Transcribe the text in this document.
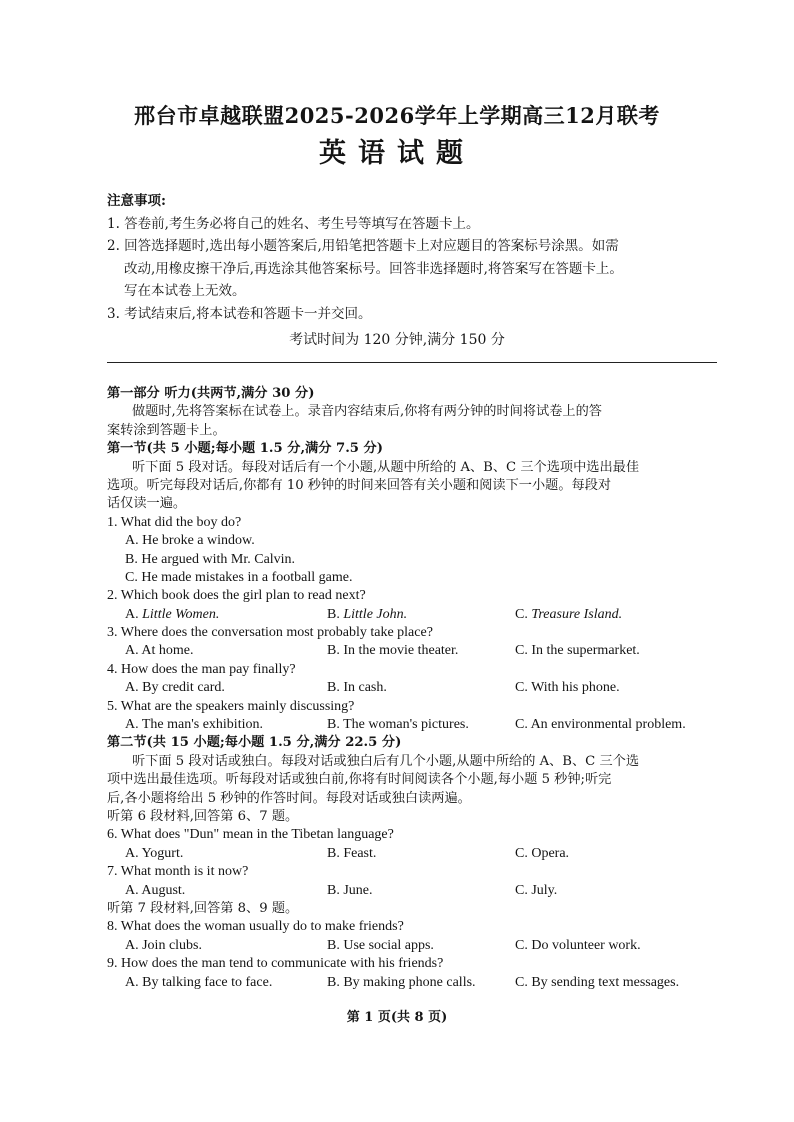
邢台市卓越联盟2025-2026学年上学期高三12月联考
英语试题
注意事项:
1. 答卷前,考生务必将自己的姓名、考生号等填写在答题卡上。
2. 回答选择题时,选出每小题答案后,用铅笔把答题卡上对应题目的答案标号涂黑。如需
改动,用橡皮擦干净后,再选涂其他答案标号。回答非选择题时,将答案写在答题卡上。
写在本试卷上无效。
3. 考试结束后,将本试卷和答题卡一并交回。
考试时间为 120 分钟,满分 150 分
第一部分 听力(共两节,满分 30 分)
做题时,先将答案标在试卷上。录音内容结束后,你将有两分钟的时间将试卷上的答
案转涂到答题卡上。
第一节(共 5 小题;每小题 1.5 分,满分 7.5 分)
听下面 5 段对话。每段对话后有一个小题,从题中所给的 A、B、C 三个选项中选出最佳
选项。听完每段对话后,你都有 10 秒钟的时间来回答有关小题和阅读下一小题。每段对
话仅读一遍。
1. What did the boy do?
A. He broke a window.
B. He argued with Mr. Calvin.
C. He made mistakes in a football game.
2. Which book does the girl plan to read next?
A. Little Women.	B. Little John.	C. Treasure Island.
3. Where does the conversation most probably take place?
A. At home.	B. In the movie theater.	C. In the supermarket.
4. How does the man pay finally?
A. By credit card.	B. In cash.	C. With his phone.
5. What are the speakers mainly discussing?
A. The man's exhibition.	B. The woman's pictures.	C. An environmental problem.
第二节(共 15 小题;每小题 1.5 分,满分 22.5 分)
听下面 5 段对话或独白。每段对话或独白后有几个小题,从题中所给的 A、B、C 三个选
项中选出最佳选项。听每段对话或独白前,你将有时间阅读各个小题,每小题 5 秒钟;听完
后,各小题将给出 5 秒钟的作答时间。每段对话或独白读两遍。
听第 6 段材料,回答第 6、7 题。
6. What does "Dun" mean in the Tibetan language?
A. Yogurt.	B. Feast.	C. Opera.
7. What month is it now?
A. August.	B. June.	C. July.
听第 7 段材料,回答第 8、9 题。
8. What does the woman usually do to make friends?
A. Join clubs.	B. Use social apps.	C. Do volunteer work.
9. How does the man tend to communicate with his friends?
A. By talking face to face.	B. By making phone calls.	C. By sending text messages.
第 1 页(共 8 页)
